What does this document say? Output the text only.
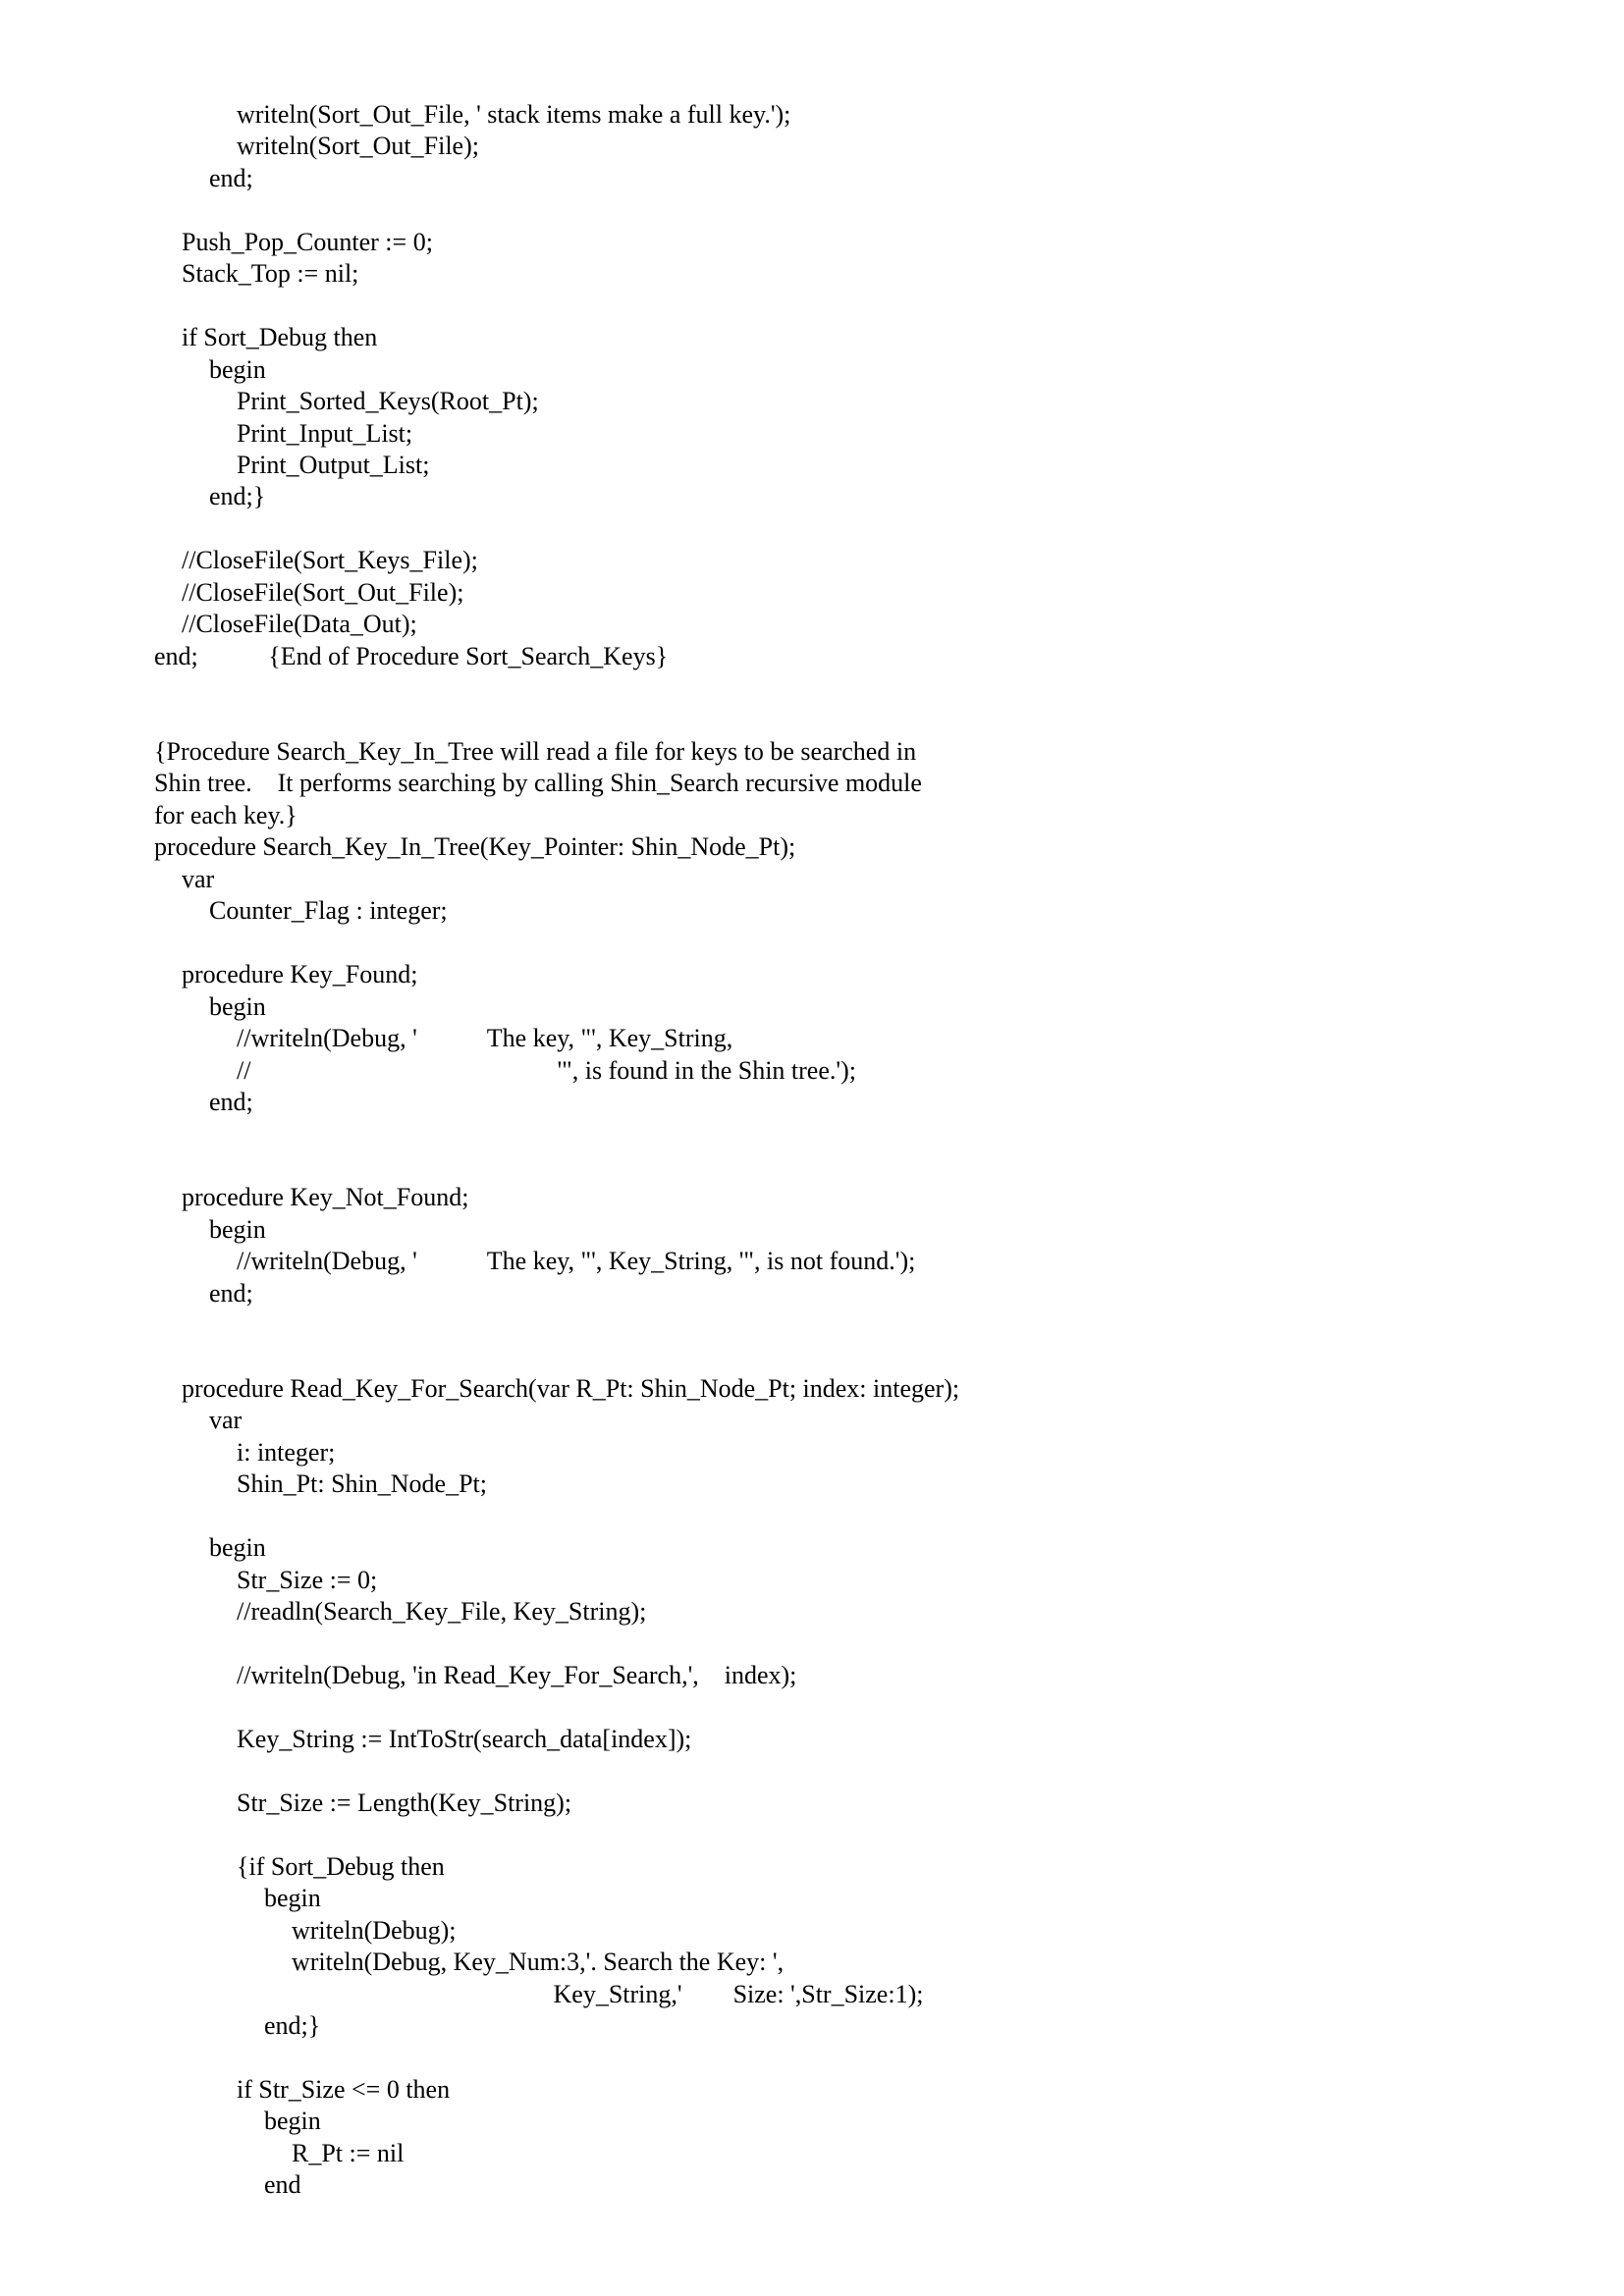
writeln(Sort_Out_File, ' stack items make a full key.');
writeln(Sort_Out_File);
end;
Push_Pop_Counter := 0;
Stack_Top := nil;
if Sort_Debug then
begin
Print_Sorted_Keys(Root_Pt);
Print_Input_List;
Print_Output_List;
end;}
//CloseFile(Sort_Keys_File);
//CloseFile(Sort_Out_File);
//CloseFile(Data_Out);
end;           {End of Procedure Sort_Search_Keys}
{Procedure Search_Key_In_Tree will read a file for keys to be searched in
Shin tree.    It performs searching by calling Shin_Search recursive module
for each key.}
procedure Search_Key_In_Tree(Key_Pointer: Shin_Node_Pt);
var
Counter_Flag : integer;
procedure Key_Found;
begin
//writeln(Debug, '           The key, "', Key_String,
//                                                '", is found in the Shin tree.');
end;
procedure Key_Not_Found;
begin
//writeln(Debug, '           The key, "', Key_String, '", is not found.');
end;
procedure Read_Key_For_Search(var R_Pt: Shin_Node_Pt; index: integer);
var
i: integer;
Shin_Pt: Shin_Node_Pt;
begin
Str_Size := 0;
//readln(Search_Key_File, Key_String);
//writeln(Debug, 'in Read_Key_For_Search,',    index);
Key_String := IntToStr(search_data[index]);
Str_Size := Length(Key_String);
{if Sort_Debug then
begin
writeln(Debug);
writeln(Debug, Key_Num:3,'. Search the Key: ',
Key_String,'        Size: ',Str_Size:1);
end;}
if Str_Size <= 0 then
begin
R_Pt := nil
end
